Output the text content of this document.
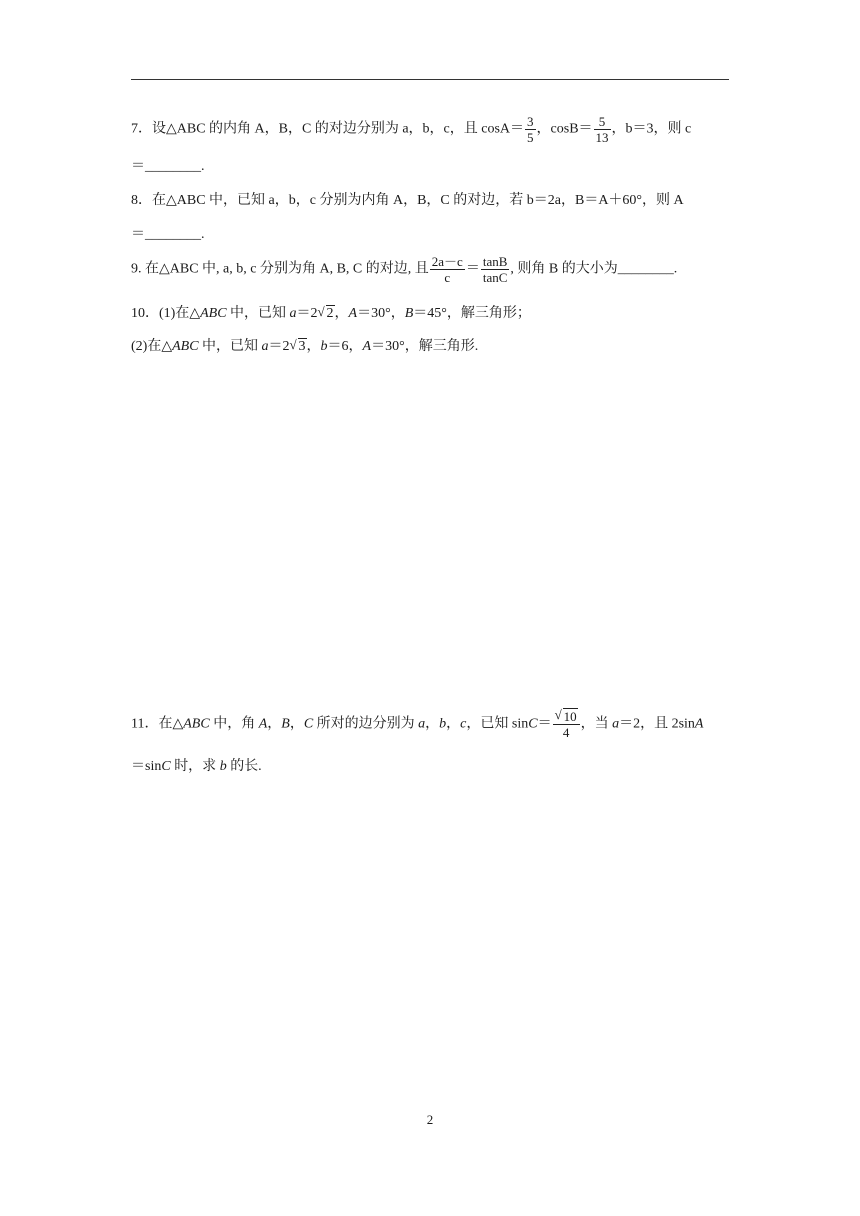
7．设△ABC 的内角 A，B，C 的对边分别为 a，b，c，且 $\cos A= \frac{3}{5}$ ，$\cos B= \frac{5}{13}$ ，b＝3，则 c
＝________.
8．在△ABC 中，已知 a，b，c 分别为内角 A，B，C 的对边，若 b＝2a，B＝A＋60°，则 A
＝________.
9. 在△ABC 中, a, b, c 分别为角 A, B, C 的对边, 且 $\frac{2a-c}{c} = \frac{\tan B}{\tan C}$ , 则角 B 的大小为________.
10．(1)在△ABC 中，已知 a＝2 √ 2，A＝30°，B＝45°，解三角形；
(2)在△ABC 中，已知 a＝2 √ 3，b＝6，A＝30°，解三角形.
11．在△ABC 中，角 A，B，C 所对的边分别为 a，b，c，已知 $\sin C= \frac{√ 10}{4}$ ，当 a＝2，且 2sinA
＝sinC 时，求 b 的长.
2
